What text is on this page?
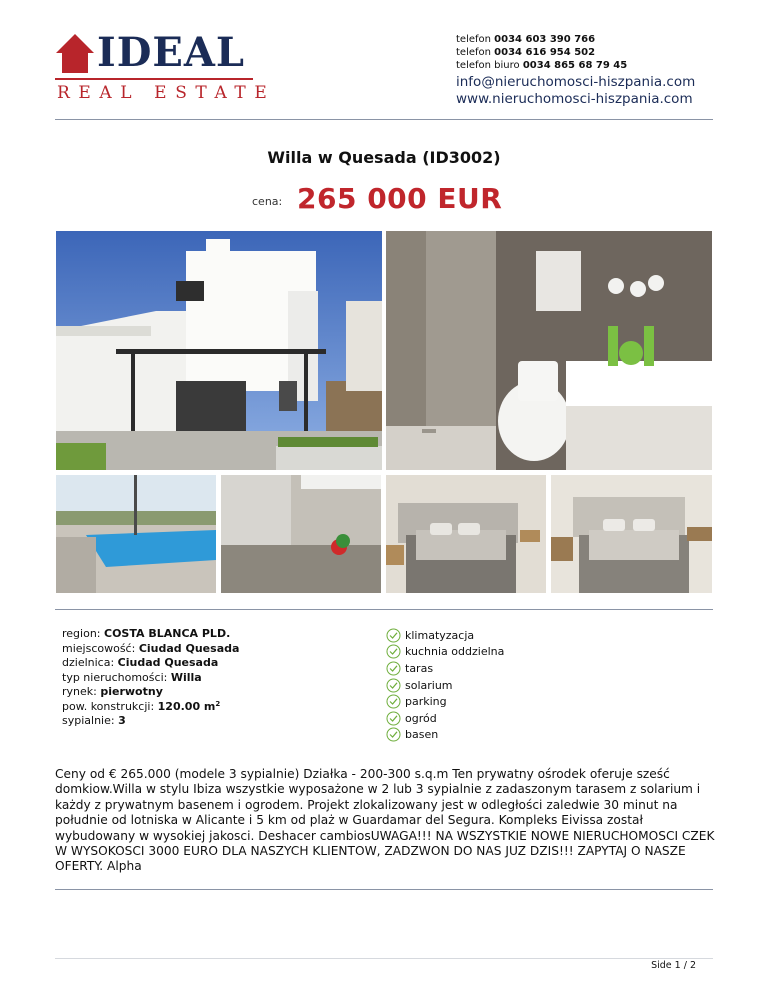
IDEAL
REAL ESTATE
telefon 0034 603 390 766
telefon 0034 616 954 502
telefon biuro 0034 865 68 79 45
info@nieruchomosci-hiszpania.com
www.nieruchomosci-hiszpania.com
Willa w Quesada (ID3002)
cena: 265 000 EUR
region: COSTA BLANCA PLD.
miejscowość: Ciudad Quesada
dzielnica: Ciudad Quesada
typ nieruchomości: Willa
rynek: pierwotny
pow. konstrukcji: 120.00 $m^2$
sypialnie: 3
klimatyzacja
kuchnia oddzielna
taras
solarium
parking
ogród
basen
Ceny od € 265.000 (modele 3 sypialnie) Działka - 200-300 s.q.m Ten prywatny ośrodek oferuje sześć domkiow.Willa w stylu Ibiza wszystkie wyposażone w 2 lub 3 sypialnie z zadaszonym tarasem z solarium i każdy z prywatnym basenem i ogrodem. Projekt zlokalizowany jest w odległości zaledwie 30 minut na południe od lotniska w Alicante i 5 km od plaż w Guardamar del Segura. Kompleks Eivissa został wybudowany w wysokiej jakosci. Deshacer cambiosUWAGA!!! NA WSZYSTKIE NOWE NIERUCHOMOSCI CZEK W WYSOKOSCI 3000 EURO DLA NASZYCH KLIENTOW, ZADZWON DO NAS JUZ DZIS!!! ZAPYTAJ O NASZE OFERTY. Alpha
Side 1 / 2
